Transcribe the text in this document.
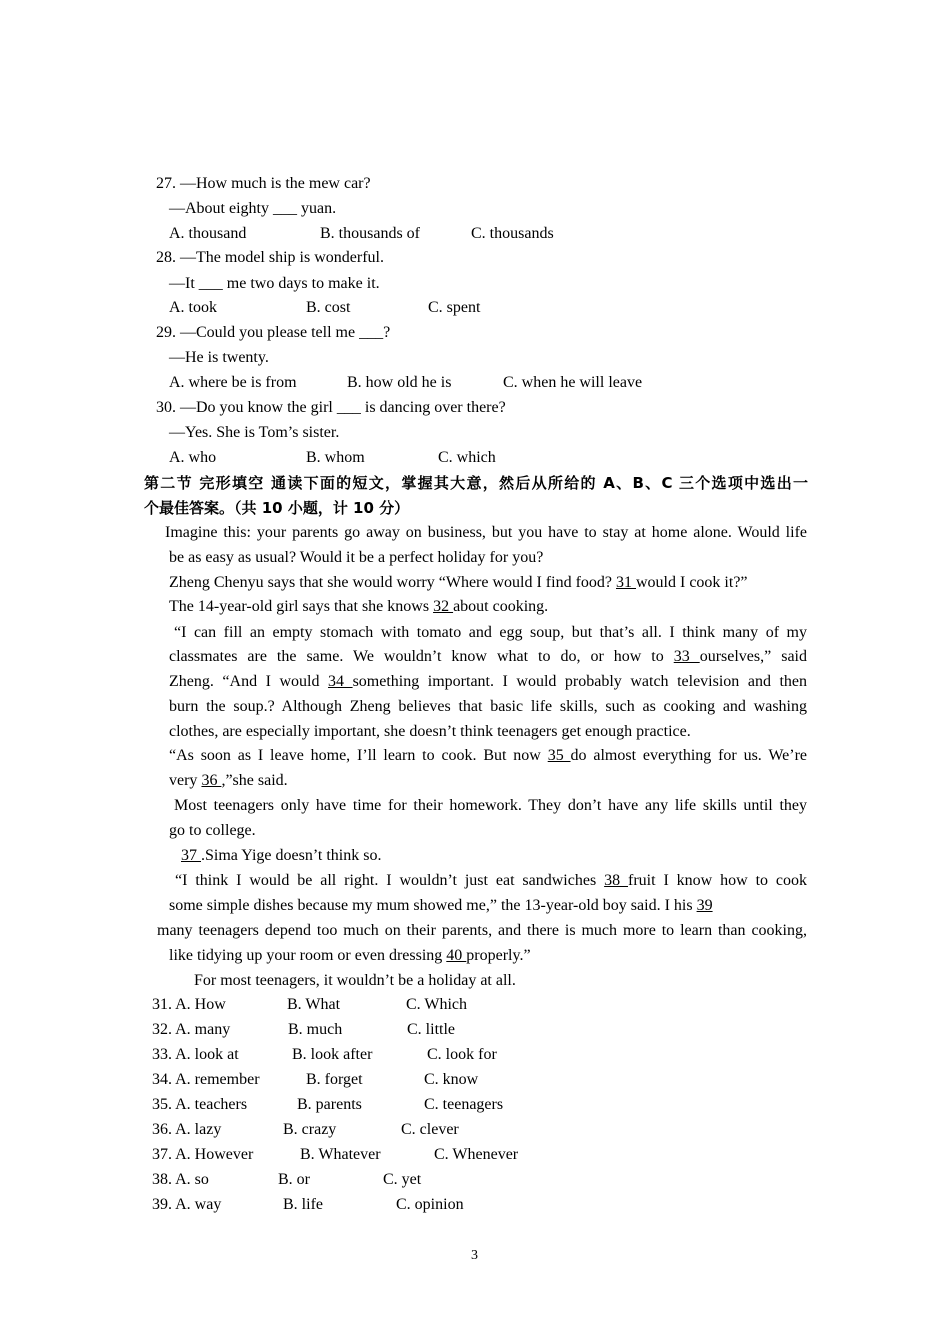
27. —How much is the mew car?
—About eighty ___ yuan.
A. thousand	B. thousands of	C. thousands
28. —The model ship is wonderful.
—It ___ me two days to make it.
A. took	B. cost	C. spent
29. —Could you please tell me ___?
—He is twenty.
A. where be is from	B. how old he is	C. when he will leave
30. —Do you know the girl ___ is dancing over there?
—Yes. She is Tom’s sister.
A. who	B. whom	C. which
第二节 完形填空 通读下面的短文，掌握其大意，然后从所给的 A、B、C 三个选项中选出一
个最佳答案。（共 10 小题，计 10 分）
Imagine this: your parents go away on business, but you have to stay at home alone. Would life
be as easy as usual? Would it be a perfect holiday for you?
Zheng Chenyu says that she would worry “Where would I find food? 31 would I cook it?”
The 14-year-old girl says that she knows 32 about cooking.
“I can fill an empty stomach with tomato and egg soup, but that’s all. I think many of my
classmates are the same. We wouldn’t know what to do, or how to 33 ourselves,” said
Zheng. “And I would 34 something important. I would probably watch television and then
burn the soup.? Although Zheng believes that basic life skills, such as cooking and washing
clothes, are especially important, she doesn’t think teenagers get enough practice.
“As soon as I leave home, I’ll learn to cook. But now 35 do almost everything for us. We’re
very 36 ,”she said.
Most teenagers only have time for their homework. They don’t have any life skills until they
go to college.
37 .Sima Yige doesn’t think so.
“I think I would be all right. I wouldn’t just eat sandwiches 38 fruit I know how to cook
some simple dishes because my mum showed me,” the 13-year-old boy said. I his 39
many teenagers depend too much on their parents, and there is much more to learn than cooking,
like tidying up your room or even dressing 40 properly.”
For most teenagers, it wouldn’t be a holiday at all.
31. A. How	B. What	C. Which
32. A. many	B. much	C. little
33. A. look at	B. look after	C. look for
34. A. remember	B. forget	C. know
35. A. teachers	B. parents	C. teenagers
36. A. lazy	B. crazy	C. clever
37. A. However	B. Whatever	C. Whenever
38. A. so	B. or	C. yet
39. A. way	B. life	C. opinion
3
